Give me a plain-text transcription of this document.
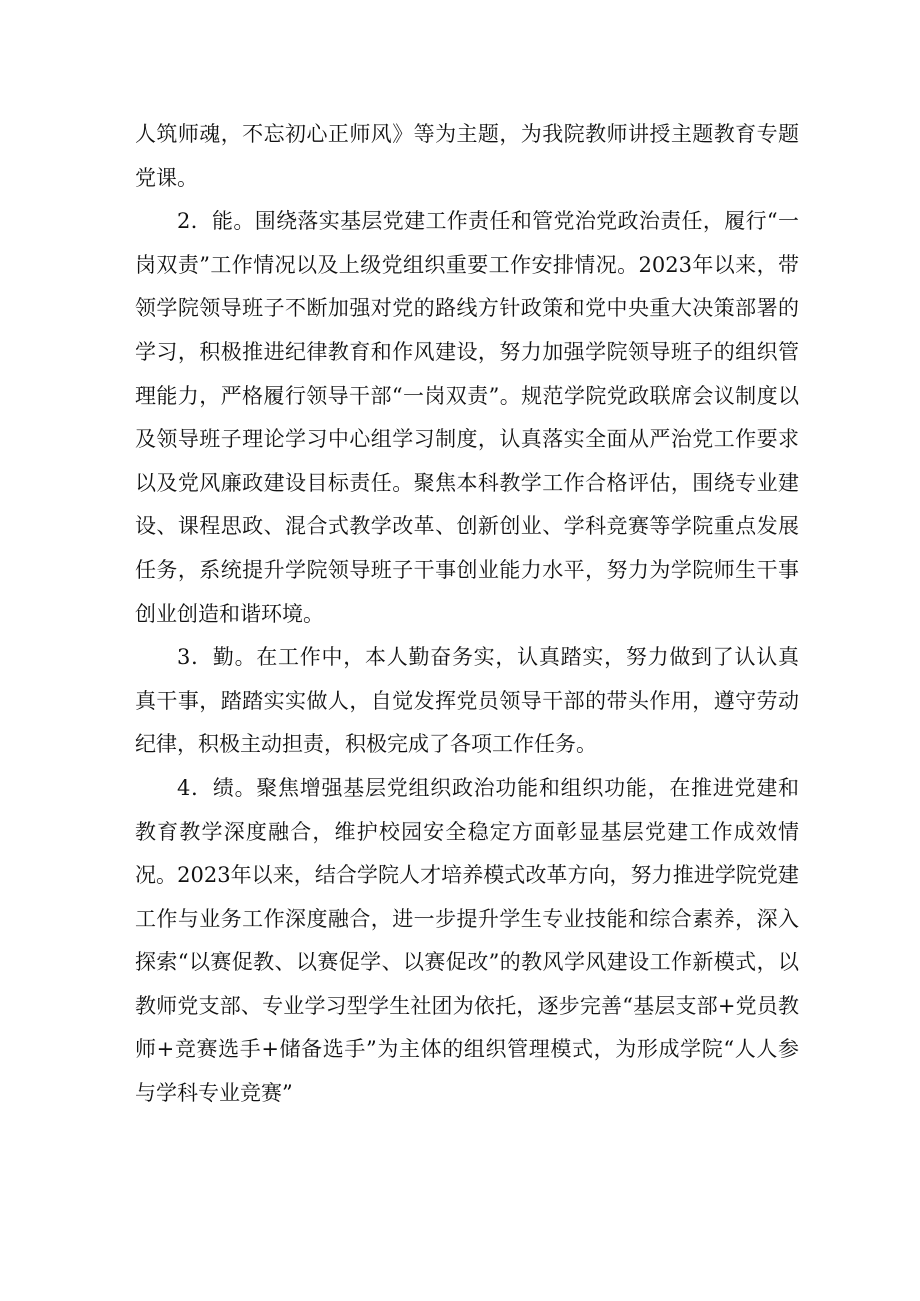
人筑师魂，不忘初心正师风》等为主题，为我院教师讲授主题教育专题党课。

2．能。围绕落实基层党建工作责任和管党治党政治责任，履行“一岗双责”工作情况以及上级党组织重要工作安排情况。2023年以来，带领学院领导班子不断加强对党的路线方针政策和党中央重大决策部署的学习，积极推进纪律教育和作风建设，努力加强学院领导班子的组织管理能力，严格履行领导干部“一岗双责”。规范学院党政联席会议制度以及领导班子理论学习中心组学习制度，认真落实全面从严治党工作要求以及党风廉政建设目标责任。聚焦本科教学工作合格评估，围绕专业建设、课程思政、混合式教学改革、创新创业、学科竞赛等学院重点发展任务，系统提升学院领导班子干事创业能力水平，努力为学院师生干事创业创造和谐环境。

3．勤。在工作中，本人勤奋务实，认真踏实，努力做到了认认真真干事，踏踏实实做人，自觉发挥党员领导干部的带头作用，遵守劳动纪律，积极主动担责，积极完成了各项工作任务。

4．绩。聚焦增强基层党组织政治功能和组织功能，在推进党建和教育教学深度融合，维护校园安全稳定方面彰显基层党建工作成效情况。2023年以来，结合学院人才培养模式改革方向，努力推进学院党建工作与业务工作深度融合，进一步提升学生专业技能和综合素养，深入探索“以赛促教、以赛促学、以赛促改”的教风学风建设工作新模式，以教师党支部、专业学习型学生社团为依托，逐步完善“基层支部+党员教师+竞赛选手+储备选手”为主体的组织管理模式，为形成学院“人人参与学科专业竞赛”
